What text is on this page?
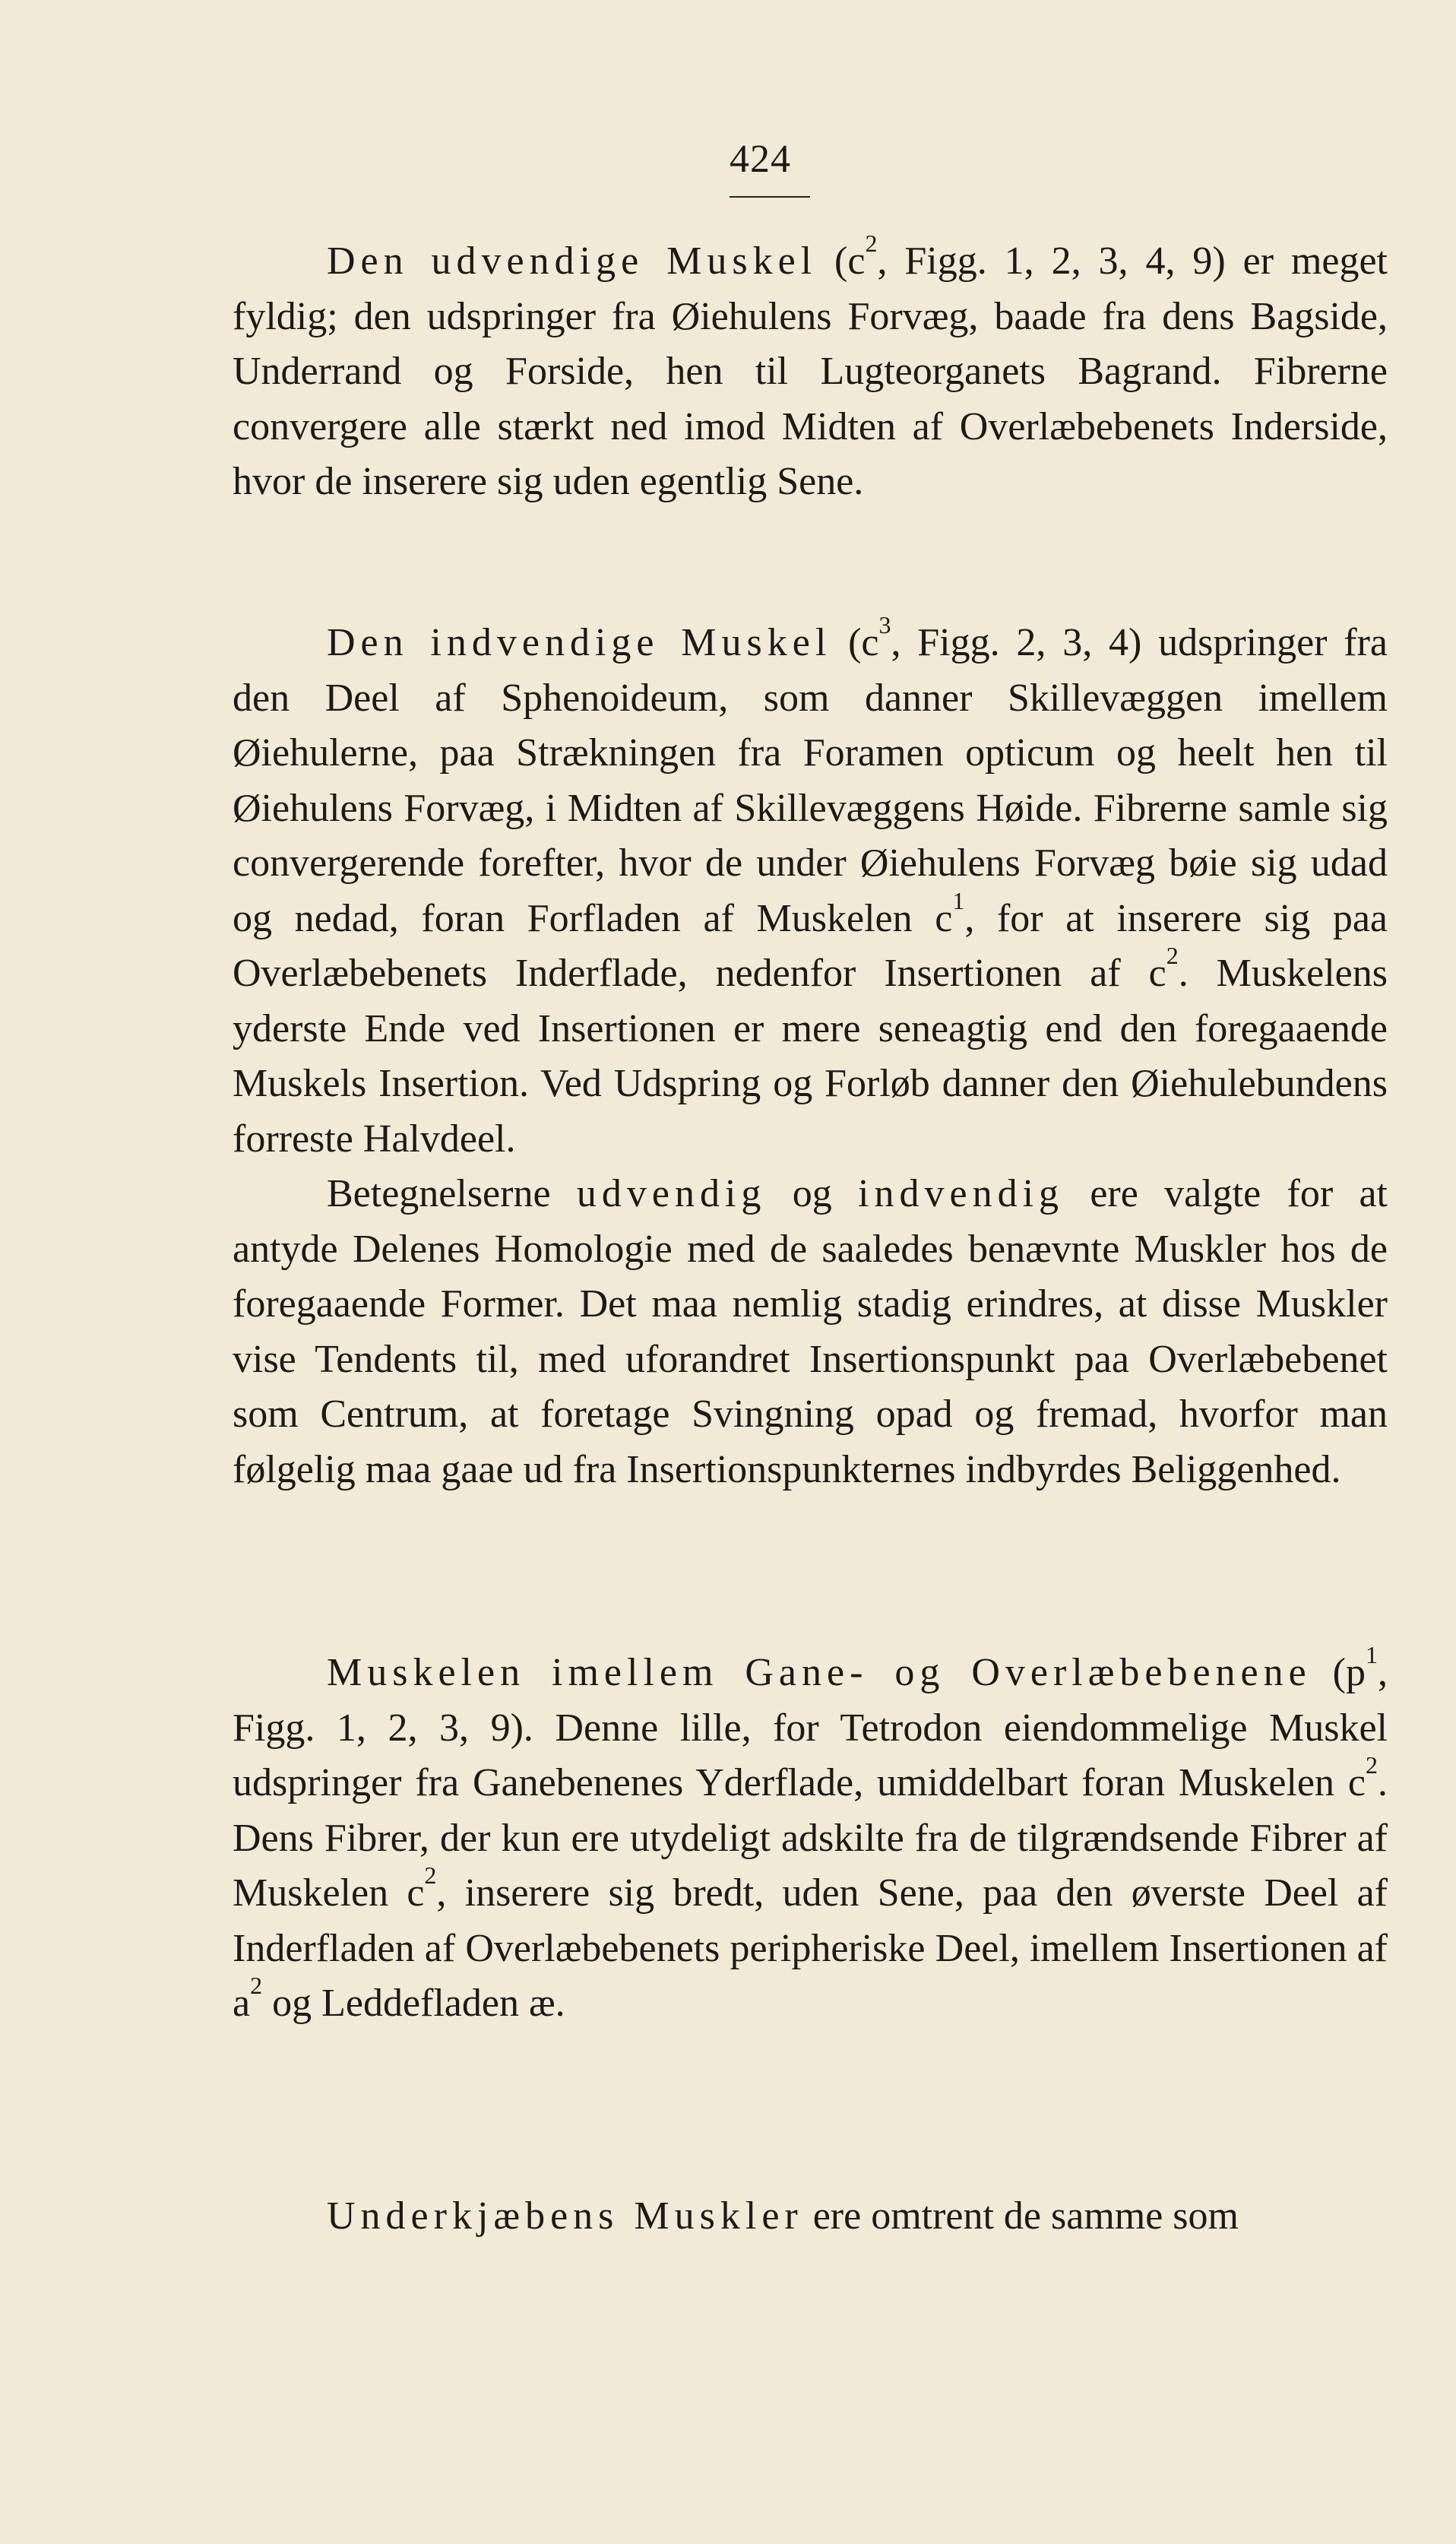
424
Den udvendige Muskel ($c^2$, Figg. 1, 2, 3, 4, 9) er meget fyldig; den udspringer fra Øiehulens Forvæg, baade fra dens Bagside, Underrand og Forside, hen til Lugteorganets Bagrand. Fibrerne convergere alle stærkt ned imod Midten af Overlæbebenets Inderside, hvor de inserere sig uden egentlig Sene.
Den indvendige Muskel ($c^3$, Figg. 2, 3, 4) udspringer fra den Deel af Sphenoideum, som danner Skillevæggen imellem Øiehulerne, paa Strækningen fra Foramen opticum og heelt hen til Øiehulens Forvæg, i Midten af Skillevæggens Høide. Fibrerne samle sig convergerende forefter, hvor de under Øiehulens Forvæg bøie sig udad og nedad, foran Forfladen af Muskelen $c^1$, for at inserere sig paa Overlæbebenets Inderflade, nedenfor Insertionen af $c^2$. Muskelens yderste Ende ved Insertionen er mere seneagtig end den foregaaende Muskels Insertion. Ved Udspring og Forløb danner den Øiehulebundens forreste Halvdeel.
Betegnelserne udvendig og indvendig ere valgte for at antyde Delenes Homologie med de saaledes benævnte Muskler hos de foregaaende Former. Det maa nemlig stadig erindres, at disse Muskler vise Tendents til, med uforandret Insertionspunkt paa Overlæbebenet som Centrum, at foretage Svingning opad og fremad, hvorfor man følgelig maa gaae ud fra Insertionspunkternes indbyrdes Beliggenhed.
Muskelen imellem Gane- og Overlæbebenene ($p^1$, Figg. 1, 2, 3, 9). Denne lille, for Tetrodon eiendommelige Muskel udspringer fra Ganebenenes Yderflade, umiddelbart foran Muskelen $c^2$. Dens Fibrer, der kun ere utydeligt adskilte fra de tilgrændsende Fibrer af Muskelen $c^2$, inserere sig bredt, uden Sene, paa den øverste Deel af Inderfladen af Overlæbebenets peripheriske Deel, imellem Insertionen af $a^2$ og Leddefladen æ.
Underkjæbens Muskler ere omtrent de samme som
